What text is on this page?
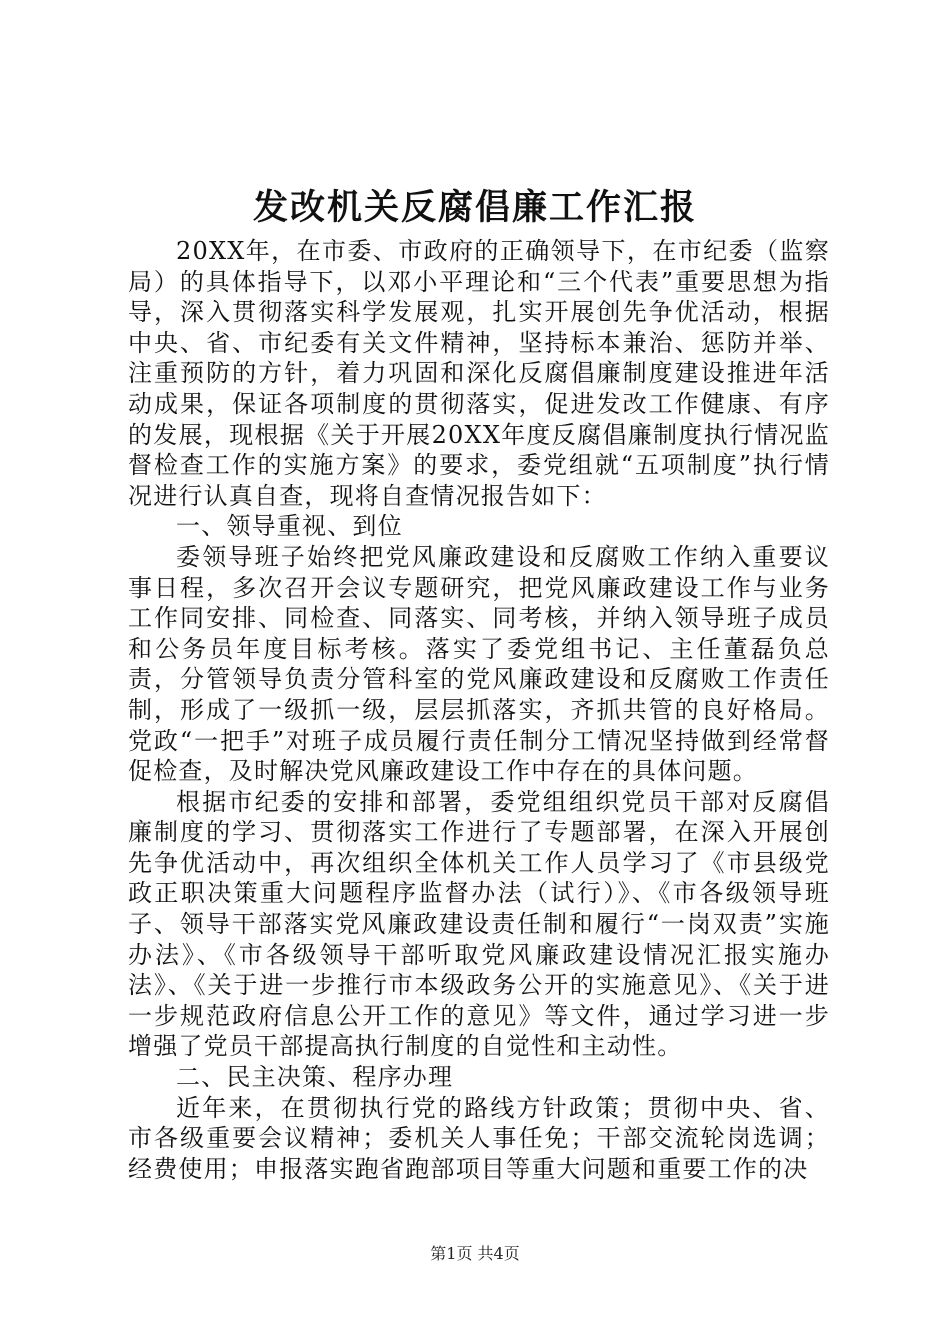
发改机关反腐倡廉工作汇报

20XX年，在市委、市政府的正确领导下，在市纪委（监察局）的具体指导下，以邓小平理论和“三个代表”重要思想为指导，深入贯彻落实科学发展观，扎实开展创先争优活动，根据中央、省、市纪委有关文件精神，坚持标本兼治、惩防并举、注重预防的方针，着力巩固和深化反腐倡廉制度建设推进年活动成果，保证各项制度的贯彻落实，促进发改工作健康、有序的发展，现根据《关于开展20XX年度反腐倡廉制度执行情况监督检查工作的实施方案》的要求，委党组就“五项制度”执行情况进行认真自查，现将自查情况报告如下：

一、领导重视、到位

委领导班子始终把党风廉政建设和反腐败工作纳入重要议事日程，多次召开会议专题研究，把党风廉政建设工作与业务工作同安排、同检查、同落实、同考核，并纳入领导班子成员和公务员年度目标考核。落实了委党组书记、主任董磊负总责，分管领导负责分管科室的党风廉政建设和反腐败工作责任制，形成了一级抓一级，层层抓落实，齐抓共管的良好格局。党政“一把手”对班子成员履行责任制分工情况坚持做到经常督促检查，及时解决党风廉政建设工作中存在的具体问题。

根据市纪委的安排和部署，委党组组织党员干部对反腐倡廉制度的学习、贯彻落实工作进行了专题部署，在深入开展创先争优活动中，再次组织全体机关工作人员学习了《市县级党政正职决策重大问题程序监督办法（试行）》、《市各级领导班子、领导干部落实党风廉政建设责任制和履行“一岗双责”实施办法》、《市各级领导干部听取党风廉政建设情况汇报实施办法》、《关于进一步推行市本级政务公开的实施意见》、《关于进一步规范政府信息公开工作的意见》等文件，通过学习进一步增强了党员干部提高执行制度的自觉性和主动性。

二、民主决策、程序办理

近年来，在贯彻执行党的路线方针政策；贯彻中央、省、市各级重要会议精神；委机关人事任免；干部交流轮岗选调；经费使用；申报落实跑省跑部项目等重大问题和重要工作的决

第1页 共4页
